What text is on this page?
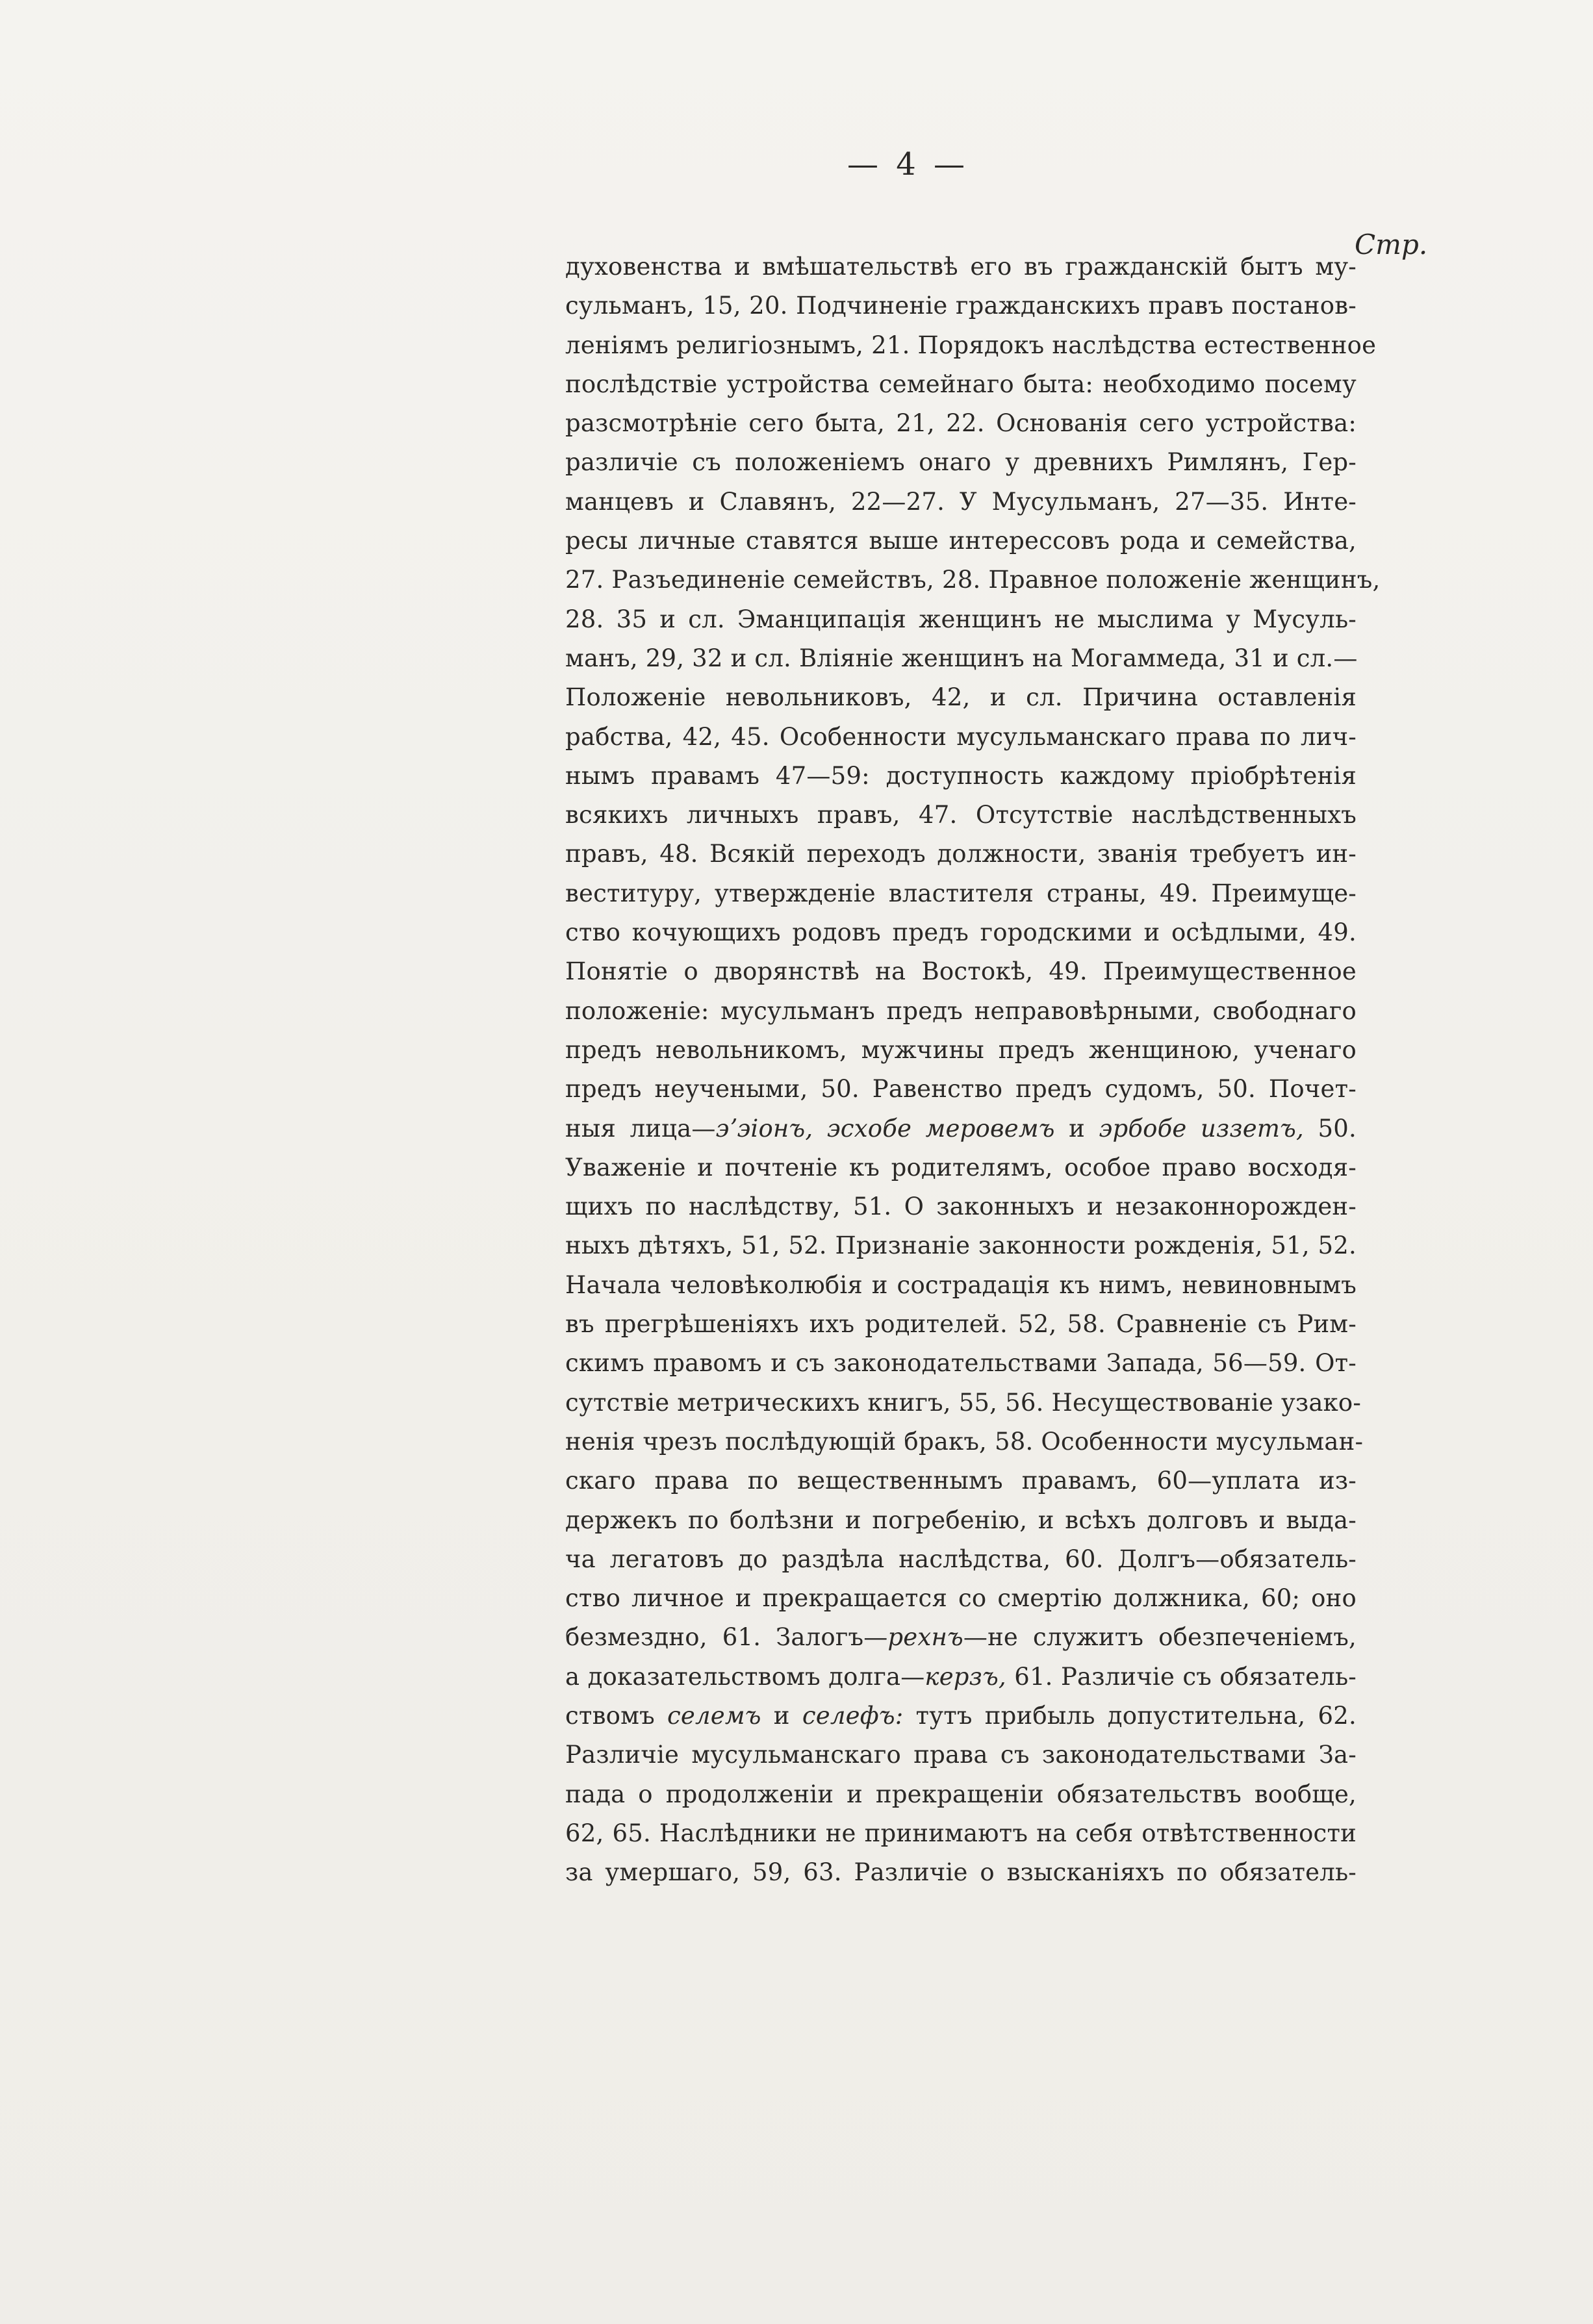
— 4 —
Стр.
духовенства и вмѣшательствѣ его въ гражданскій бытъ му-
сульманъ, 15, 20. Подчиненіе гражданскихъ правъ постанов-
леніямъ религіознымъ, 21. Порядокъ наслѣдства естественное
послѣдствіе устройства семейнаго быта: необходимо посему
разсмотрѣніе сего быта, 21, 22. Основанія сего устройства:
различіе съ положеніемъ онаго у древнихъ Римлянъ, Гер-
манцевъ и Славянъ, 22—27. У Мусульманъ, 27—35. Инте-
ресы личные ставятся выше интерессовъ рода и семейства,
27. Разъединеніе семействъ, 28. Правное положеніе женщинъ,
28. 35 и сл. Эманципація женщинъ не мыслима у Мусуль-
манъ, 29, 32 и сл. Вліяніе женщинъ на Могаммеда, 31 и сл.—
Положеніе невольниковъ, 42, и сл. Причина оставленія
рабства, 42, 45. Особенности мусульманскаго права по лич-
нымъ правамъ 47—59: доступность каждому пріобрѣтенія
всякихъ личныхъ правъ, 47. Отсутствіе наслѣдственныхъ
правъ, 48. Всякій переходъ должности, званія требуетъ ин-
веституру, утвержденіе властителя страны, 49. Преимуще-
ство кочующихъ родовъ предъ городскими и осѣдлыми, 49.
Понятіе о дворянствѣ на Востокѣ, 49. Преимущественное
положеніе: мусульманъ предъ неправовѣрными, свободнаго
предъ невольникомъ, мужчины предъ женщиною, ученаго
предъ неучеными, 50. Равенство предъ судомъ, 50. Почет-
ныя лица—эʼэіонъ, эсхобе меровемъ и эрбобе иззетъ, 50.
Уваженіе и почтеніе къ родителямъ, особое право восходя-
щихъ по наслѣдству, 51. О законныхъ и незаконнорожден-
ныхъ дѣтяхъ, 51, 52. Признаніе законности рожденія, 51, 52.
Начала человѣколюбія и сострадація къ нимъ, невиновнымъ
въ прегрѣшеніяхъ ихъ родителей. 52, 58. Сравненіе съ Рим-
скимъ правомъ и съ законодательствами Запада, 56—59. От-
сутствіе метрическихъ книгъ, 55, 56. Несуществованіе узако-
ненія чрезъ послѣдующій бракъ, 58. Особенности мусульман-
скаго права по вещественнымъ правамъ, 60—уплата из-
держекъ по болѣзни и погребенію, и всѣхъ долговъ и выда-
ча легатовъ до раздѣла наслѣдства, 60. Долгъ—обязатель-
ство личное и прекращается со смертію должника, 60; оно
безмездно, 61. Залогъ—рехнъ—не служитъ обезпеченіемъ,
а доказательствомъ долга—керзъ, 61. Различіе съ обязатель-
ствомъ селемъ и селефъ: тутъ прибыль допустительна, 62.
Различіе мусульманскаго права съ законодательствами За-
пада о продолженіи и прекращеніи обязательствъ вообще,
62, 65. Наслѣдники не принимаютъ на себя отвѣтственности
за умершаго, 59, 63. Различіе о взысканіяхъ по обязатель-
